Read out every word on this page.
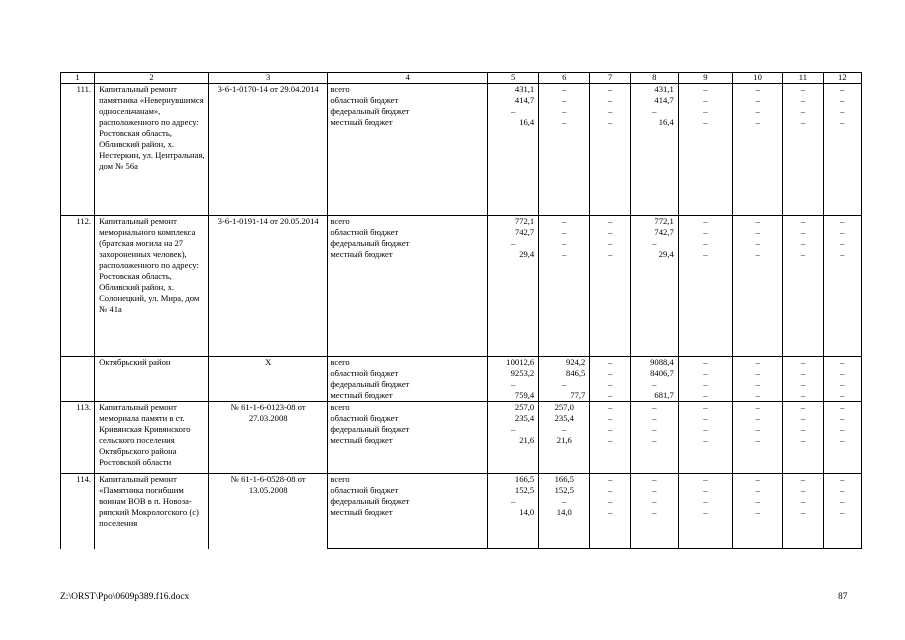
1	2	3	4	5	6	7	8	9	10	11	12
111.	Капитальный ремонт памятника «Невернувшимся односельчанам», расположенного по адресу: Ростовская область, Обливский район, х. Нестеркин, ул. Центральная, дом № 56а	3-6-1-0170-14 от 29.04.2014	всего	431,1	–	–	431,1	–	–	–	–
			областной бюджет	414,7	–	–	414,7	–	–	–	–
			федеральный бюджет	–	–	–	–	–	–	–	–
			местный бюджет	16,4	–	–	16,4	–	–	–	–
112.	Капитальный ремонт мемориального комплекса (братская могила на 27 захороненных человек), расположенного по адресу: Ростовская область, Обливский район, х. Солонецкий, ул. Мира, дом № 41а	3-6-1-0191-14 от 20.05.2014	всего	772,1	–	–	772,1	–	–	–	–
			областной бюджет	742,7	–	–	742,7	–	–	–	–
			федеральный бюджет	–	–	–	–	–	–	–	–
			местный бюджет	29,4	–	–	29,4	–	–	–	–
	Октябрьский район	Х	всего	10012,6	924,2	–	9088,4	–	–	–	–
			областной бюджет	9253,2	846,5	–	8406,7	–	–	–	–
			федеральный бюджет	–	–	–	–	–	–	–	–
			местный бюджет	759,4	77,7	–	681,7	–	–	–	–
113.	Капитальный ремонт мемориала памяти в ст. Кривянская Кривянского сельского поселения Октябрьского района Ростовской области	№ 61-1-6-0123-08 от 27.03.2008	всего	257,0	257,0	–	–	–	–	–	–
			областной бюджет	235,4	235,4	–	–	–	–	–	–
			федеральный бюджет	–	–	–	–	–	–	–	–
			местный бюджет	21,6	21,6	–	–	–	–	–	–
114.	Капитальный ремонт «Памятника погибшим воинам ВОВ в п. Новоза-ряпский Мокрологского (с) поселения	№ 61-1-6-0528-08 от 13.05.2008	всего	166,5	166,5	–	–	–	–	–	–
			областной бюджет	152,5	152,5	–	–	–	–	–	–
			федеральный бюджет	–	–	–	–	–	–	–	–
			местный бюджет	14,0	14,0	–	–	–	–	–	–
Z:\ORST\Ppo\0609p389.f16.docx	87
